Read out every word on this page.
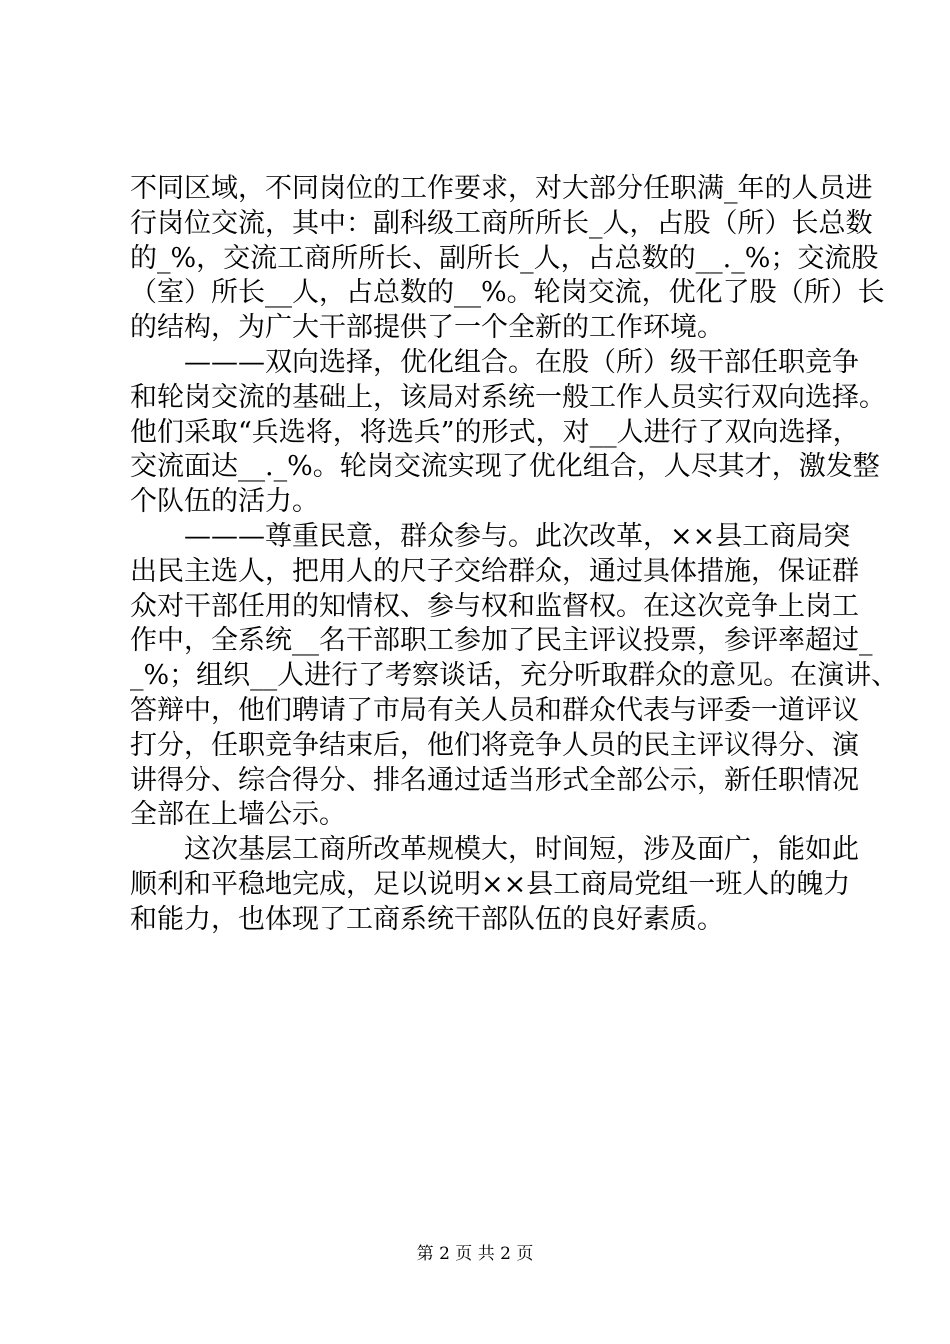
不同区域，不同岗位的工作要求，对大部分任职满_年的人员进
行岗位交流，其中：副科级工商所所长_人，占股（所）长总数
的_%，交流工商所所长、副所长_人，占总数的__._%；交流股
（室）所长__人，占总数的__%。轮岗交流，优化了股（所）长
的结构，为广大干部提供了一个全新的工作环境。
　　———双向选择，优化组合。在股（所）级干部任职竞争
和轮岗交流的基础上，该局对系统一般工作人员实行双向选择。
他们采取“兵选将，将选兵”的形式，对__人进行了双向选择，
交流面达__._%。轮岗交流实现了优化组合，人尽其才，激发整
个队伍的活力。
　　———尊重民意，群众参与。此次改革，××县工商局突
出民主选人，把用人的尺子交给群众，通过具体措施，保证群
众对干部任用的知情权、参与权和监督权。在这次竞争上岗工
作中，全系统__名干部职工参加了民主评议投票，参评率超过_
_%；组织__人进行了考察谈话，充分听取群众的意见。在演讲、
答辩中，他们聘请了市局有关人员和群众代表与评委一道评议
打分，任职竞争结束后，他们将竞争人员的民主评议得分、演
讲得分、综合得分、排名通过适当形式全部公示，新任职情况
全部在上墙公示。
　　这次基层工商所改革规模大，时间短，涉及面广，能如此
顺利和平稳地完成，足以说明××县工商局党组一班人的魄力
和能力，也体现了工商系统干部队伍的良好素质。
第 2 页 共 2 页
